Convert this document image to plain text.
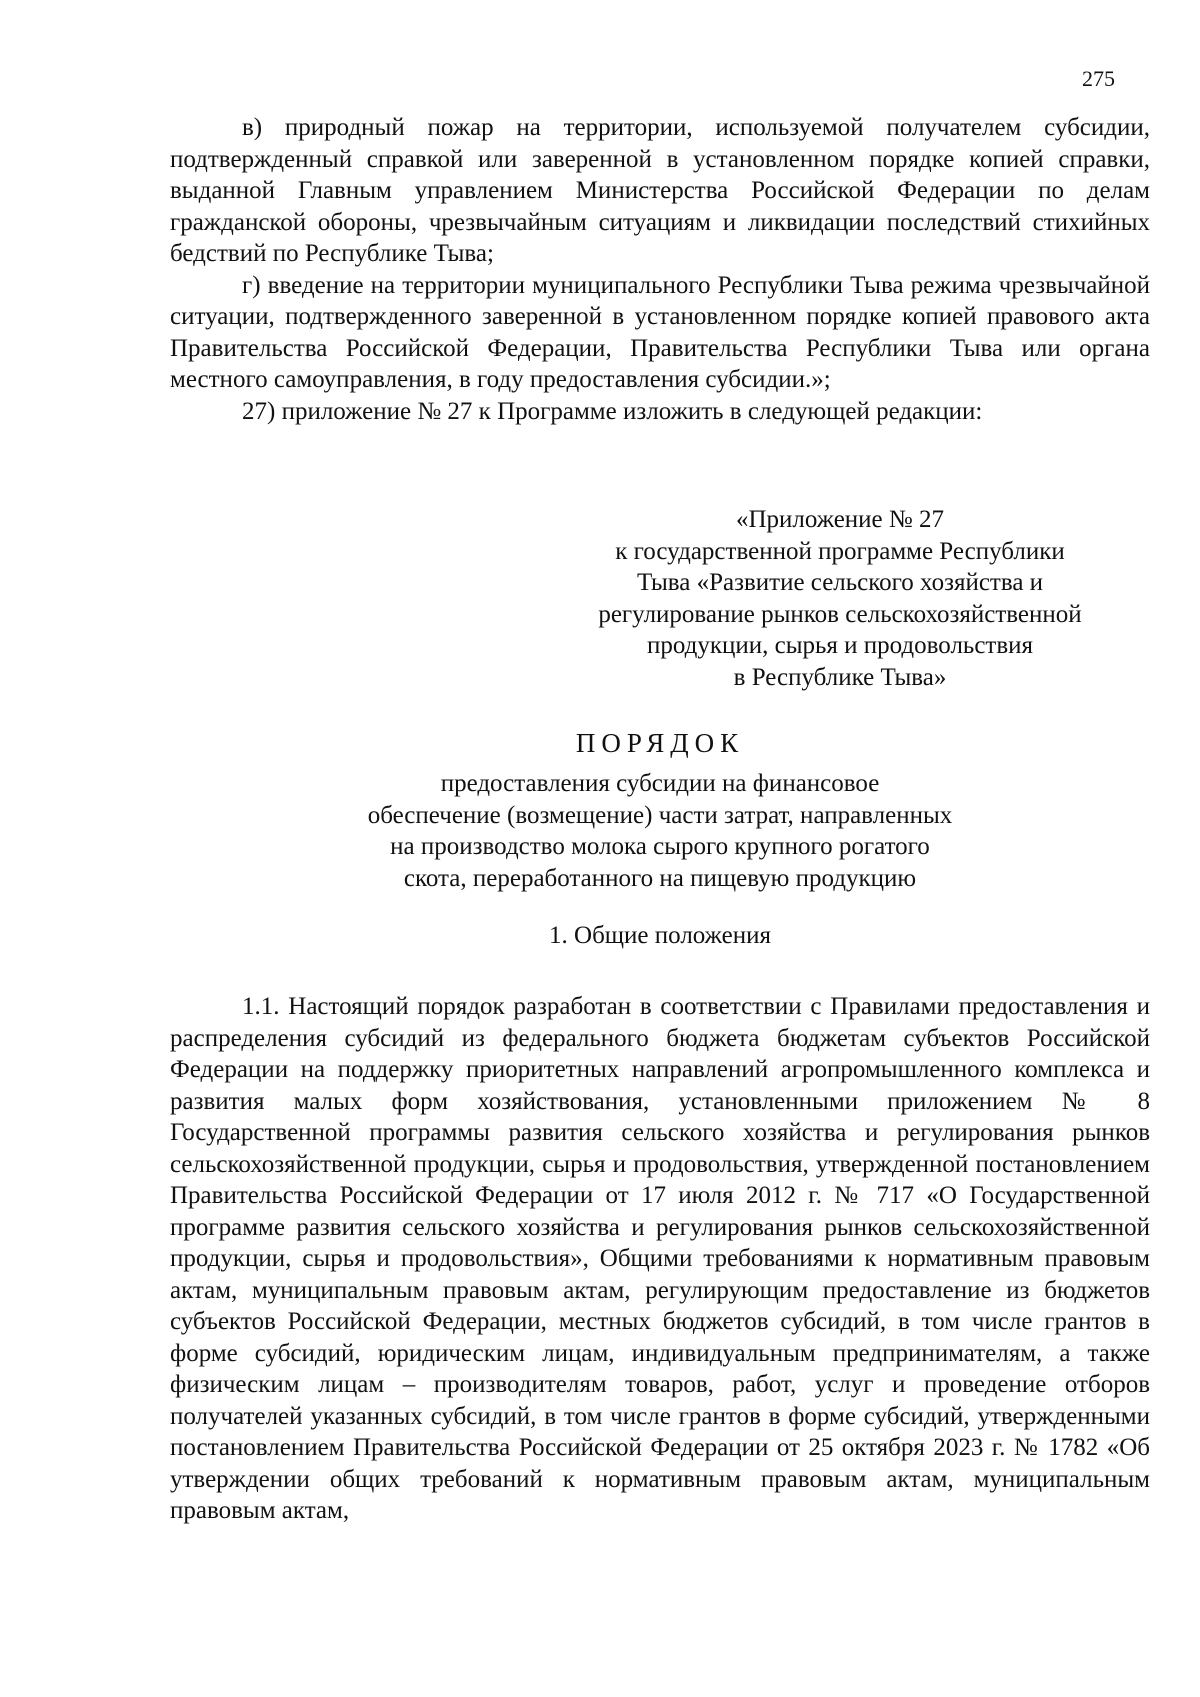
275

в) природный пожар на территории, используемой получателем субсидии, подтвержденный справкой или заверенной в установленном порядке копией справки, выданной Главным управлением Министерства Российской Федерации по делам гражданской обороны, чрезвычайным ситуациям и ликвидации последствий стихийных бедствий по Республике Тыва;

г) введение на территории муниципального Республики Тыва режима чрезвычайной ситуации, подтвержденного заверенной в установленном порядке копией правового акта Правительства Российской Федерации, Правительства Республики Тыва или органа местного самоуправления, в году предоставления субсидии.»;

27) приложение № 27 к Программе изложить в следующей редакции:

«Приложение № 27
к государственной программе Республики
Тыва «Развитие сельского хозяйства и
регулирование рынков сельскохозяйственной
продукции, сырья и продовольствия
в Республике Тыва»
ПОРЯДОК
предоставления субсидии на финансовое
обеспечение (возмещение) части затрат, направленных
на производство молока сырого крупного рогатого
скота, переработанного на пищевую продукцию
1. Общие положения

1.1. Настоящий порядок разработан в соответствии с Правилами предоставления и распределения субсидий из федерального бюджета бюджетам субъектов Российской Федерации на поддержку приоритетных направлений агропромышленного комплекса и развития малых форм хозяйствования, установленными приложением № 8 Государственной программы развития сельского хозяйства и регулирования рынков сельскохозяйственной продукции, сырья и продовольствия, утвержденной постановлением Правительства Российской Федерации от 17 июля 2012 г. № 717 «О Государственной программе развития сельского хозяйства и регулирования рынков сельскохозяйственной продукции, сырья и продовольствия», Общими требованиями к нормативным правовым актам, муниципальным правовым актам, регулирующим предоставление из бюджетов субъектов Российской Федерации, местных бюджетов субсидий, в том числе грантов в форме субсидий, юридическим лицам, индивидуальным предпринимателям, а также физическим лицам – производителям товаров, работ, услуг и проведение отборов получателей указанных субсидий, в том числе грантов в форме субсидий, утвержденными постановлением Правительства Российской Федерации от 25 октября 2023 г. № 1782 «Об утверждении общих требований к нормативным правовым актам, муниципальным правовым актам,
